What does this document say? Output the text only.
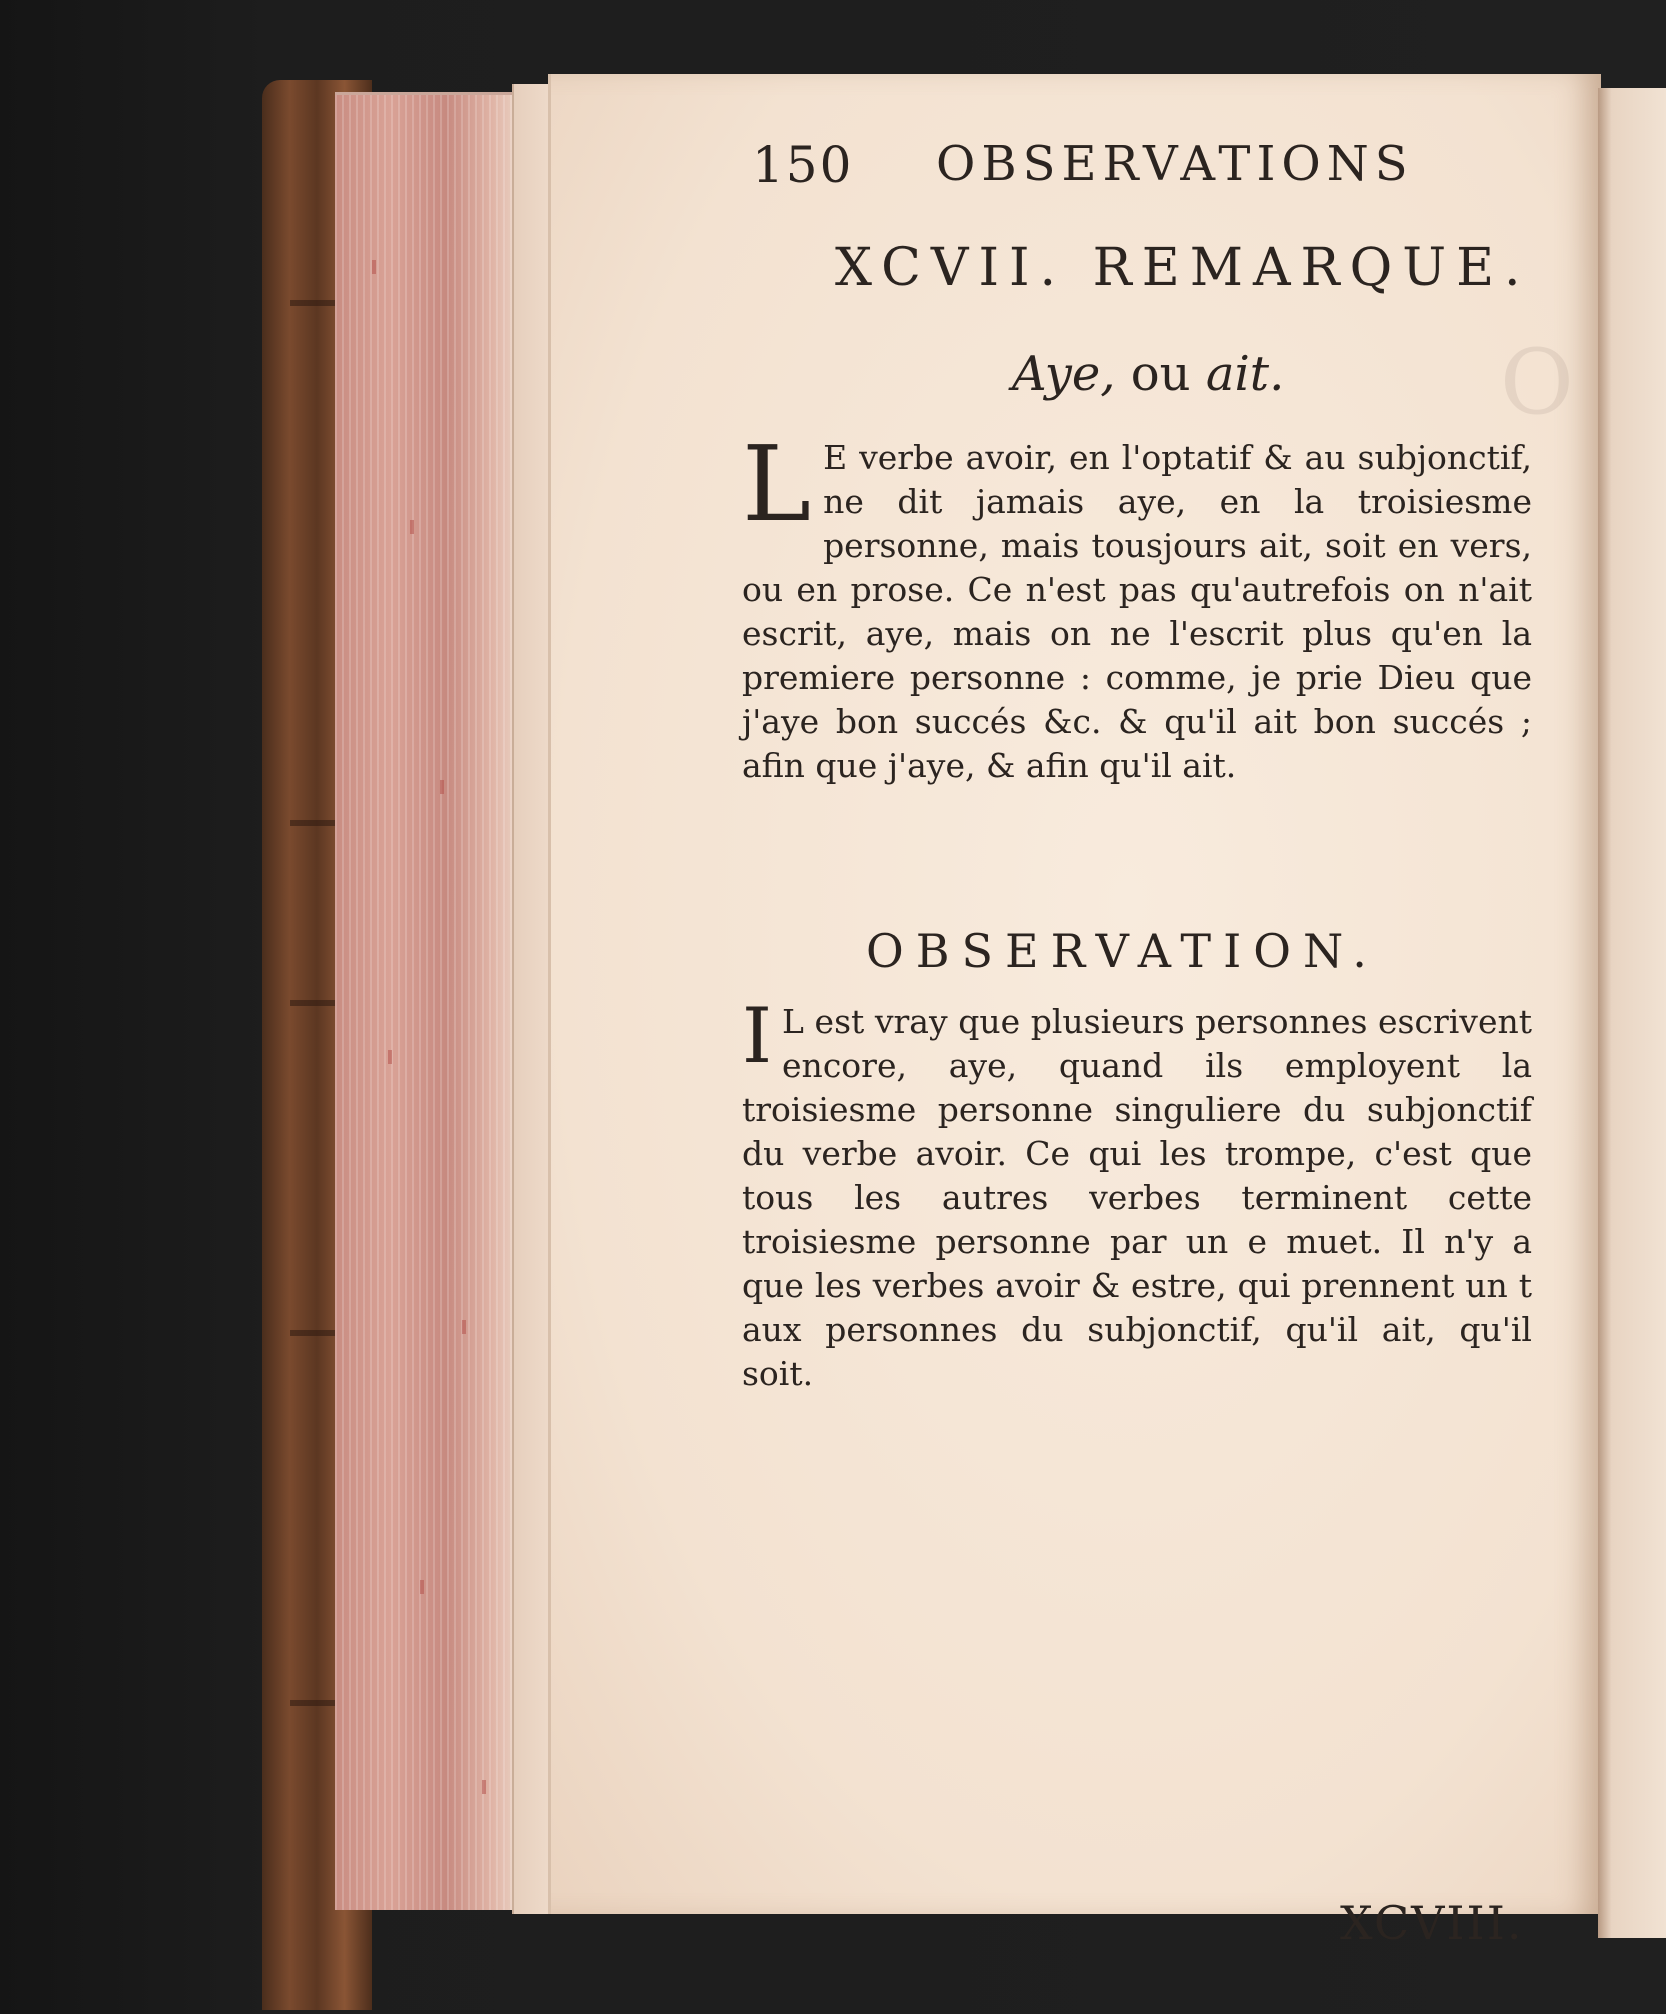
O
150 OBSERVATIONS
XCVII. REMARQUE.
Aye, ou ait.
L E verbe avoir, en l'optatif & au subjonctif, ne dit jamais aye, en la troisiesme personne, mais tousjours ait, soit en vers, ou en prose. Ce n'est pas qu'autrefois on n'ait escrit, aye, mais on ne l'escrit plus qu'en la premiere personne : comme, je prie Dieu que j'aye bon succés &c. & qu'il ait bon succés ; afin que j'aye, & afin qu'il ait.
OBSERVATION.
I L est vray que plusieurs personnes escrivent encore, aye, quand ils employent la troisiesme personne singuliere du subjonctif du verbe avoir. Ce qui les trompe, c'est que tous les autres verbes terminent cette troisiesme personne par un e muet. Il n'y a que les verbes avoir & estre, qui prennent un t aux personnes du subjonctif, qu'il ait, qu'il soit.
XCVIII.
